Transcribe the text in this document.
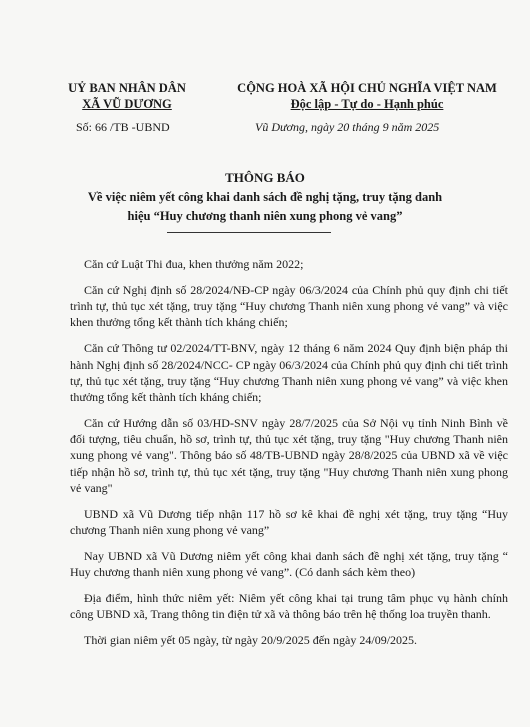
UỶ BAN NHÂN DÂN
XÃ VŨ DƯƠNG
CỘNG HOÀ XÃ HỘI CHỦ NGHĨA VIỆT NAM
Độc lập - Tự do - Hạnh phúc
Số: 66 /TB -UBND	Vũ Dương, ngày 20 tháng 9 năm 2025
THÔNG BÁO
Về việc niêm yết công khai danh sách đề nghị tặng, truy tặng danh
hiệu “Huy chương thanh niên xung phong vẻ vang”

Căn cứ Luật Thi đua, khen thưởng năm 2022;

Căn cứ Nghị định số 28/2024/NĐ-CP ngày 06/3/2024 của Chính phủ quy định chi tiết trình tự, thủ tục xét tặng, truy tặng “Huy chương Thanh niên xung phong vẻ vang” và việc khen thưởng tổng kết thành tích kháng chiến;

Căn cứ Thông tư 02/2024/TT-BNV, ngày 12 tháng 6 năm 2024 Quy định biện pháp thi hành Nghị định số 28/2024/NCC- CP ngày 06/3/2024 của Chính phủ quy định chi tiết trình tự, thủ tục xét tặng, truy tặng “Huy chương Thanh niên xung phong vẻ vang” và việc khen thưởng tổng kết thành tích kháng chiến;

Căn cứ Hướng dẫn số 03/HD-SNV ngày 28/7/2025 của Sở Nội vụ tỉnh Ninh Bình về đối tượng, tiêu chuẩn, hồ sơ, trình tự, thủ tục xét tặng, truy tặng "Huy chương Thanh niên xung phong vẻ vang". Thông báo số 48/TB-UBND ngày 28/8/2025 của UBND xã về việc tiếp nhận hồ sơ, trình tự, thủ tục xét tặng, truy tặng "Huy chương Thanh niên xung phong vẻ vang"

UBND xã Vũ Dương tiếp nhận 117 hồ sơ kê khai đề nghị xét tặng, truy tặng “Huy chương Thanh niên xung phong vẻ vang”

Nay UBND xã Vũ Dương niêm yết công khai danh sách đề nghị xét tặng, truy tặng “ Huy chương thanh niên xung phong vẻ vang”. (Có danh sách kèm theo)

Địa điểm, hình thức niêm yết: Niêm yết công khai tại trung tâm phục vụ hành chính công UBND xã, Trang thông tin điện tử xã và thông báo trên hệ thống loa truyền thanh.

Thời gian niêm yết 05 ngày, từ ngày 20/9/2025 đến ngày 24/09/2025.
